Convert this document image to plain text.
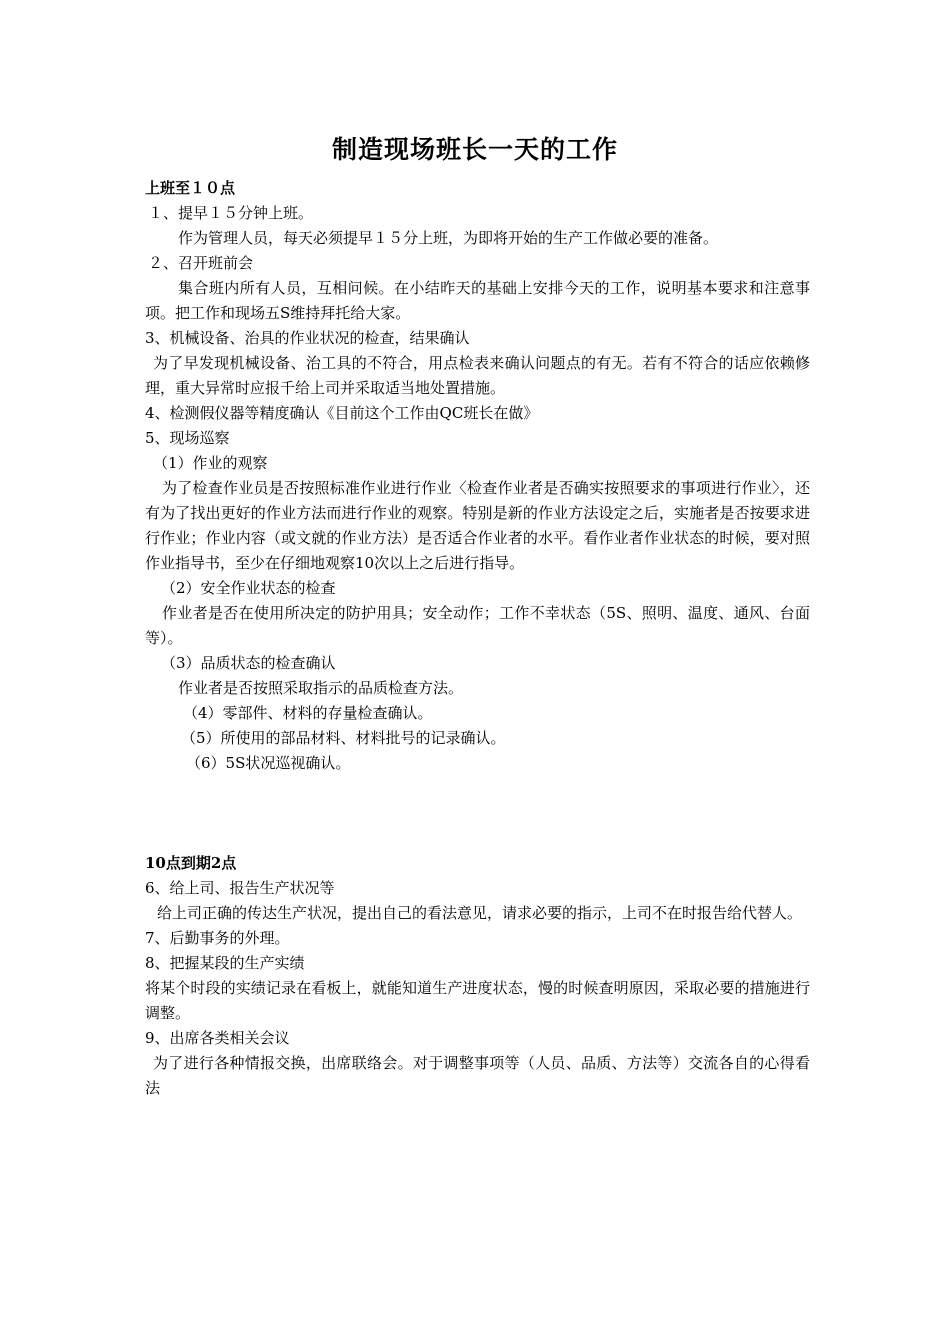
制造现场班长一天的工作

上班至１０点

１、提早１５分钟上班。

作为管理人员，每天必须提早１５分上班，为即将开始的生产工作做必要的准备。

２、召开班前会

集合班内所有人员，互相问候。在小结昨天的基础上安排今天的工作，说明基本要求和注意事项。把工作和现场五S维持拜托给大家。

3、机械设备、治具的作业状况的检查，结果确认

为了早发现机械设备、治工具的不符合，用点检表来确认问题点的有无。若有不符合的话应依赖修理，重大异常时应报千给上司并采取适当地处置措施。

4、检测假仪器等精度确认《目前这个工作由QC班长在做》

5、现场巡察

（1）作业的观察

为了检查作业员是否按照标准作业进行作业〈检查作业者是否确实按照要求的事项进行作业〉，还有为了找出更好的作业方法而进行作业的观察。特别是新的作业方法设定之后，实施者是否按要求进行作业；作业内容（或文就的作业方法）是否适合作业者的水平。看作业者作业状态的时候，要对照作业指导书，至少在仔细地观察10次以上之后进行指导。

（2）安全作业状态的检查

作业者是否在使用所决定的防护用具；安全动作；工作不幸状态（5S、照明、温度、通风、台面等）。

（3）品质状态的检查确认

作业者是否按照采取指示的品质检查方法。

（4）零部件、材料的存量检查确认。

（5）所使用的部品材料、材料批号的记录确认。

（6）5S状况巡视确认。

10点到期2点

6、给上司、报告生产状况等

给上司正确的传达生产状况，提出自己的看法意见，请求必要的指示，上司不在时报告给代替人。

7、后勤事务的外理。

8、把握某段的生产实绩

将某个时段的实绩记录在看板上，就能知道生产进度状态，慢的时候查明原因，采取必要的措施进行调整。

9、出席各类相关会议

为了进行各种情报交换，出席联络会。对于调整事项等（人员、品质、方法等）交流各自的心得看法
